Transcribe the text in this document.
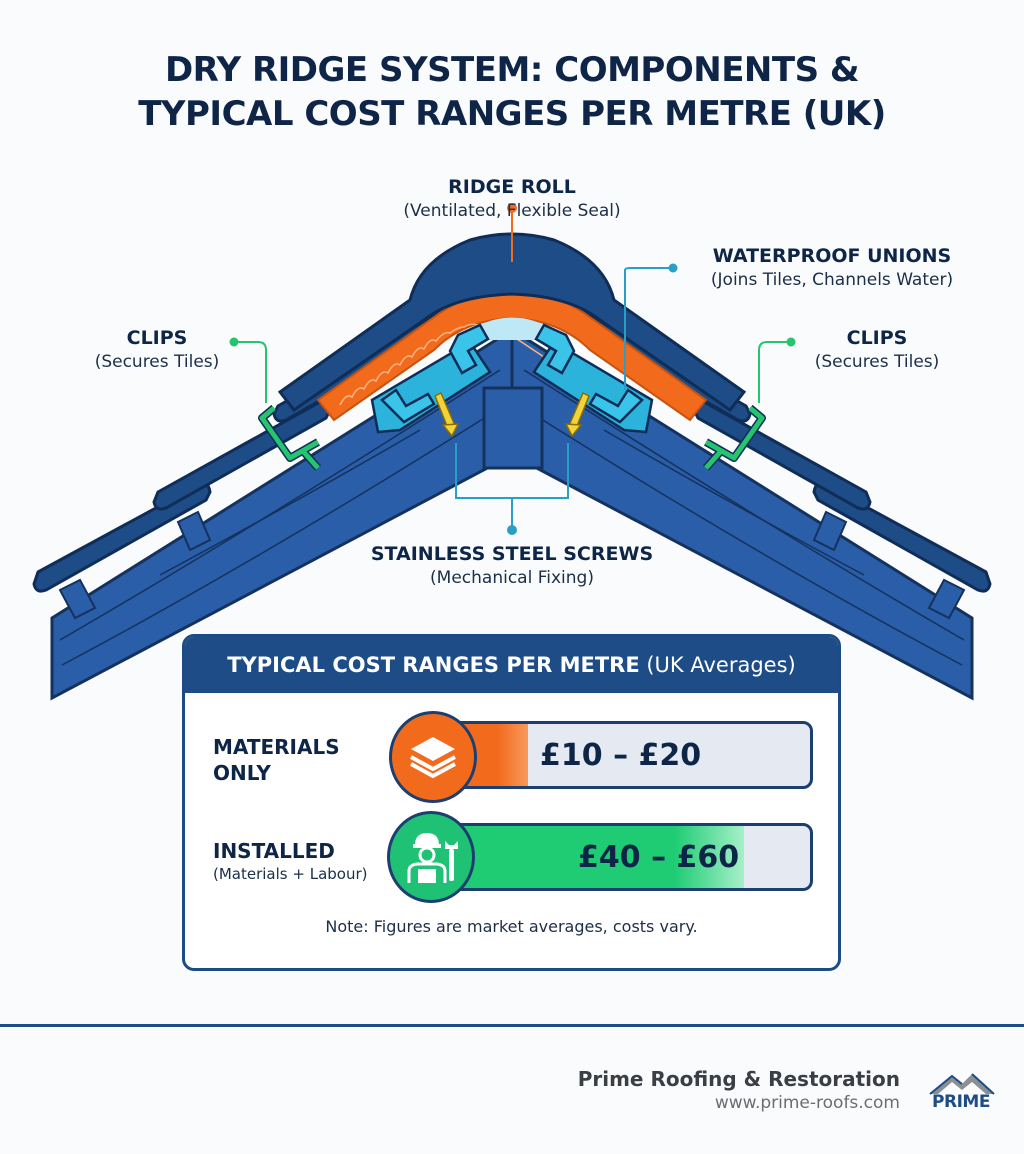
DRY RIDGE SYSTEM: COMPONENTS &
TYPICAL COST RANGES PER METRE (UK)
RIDGE ROLL
(Ventilated, Flexible Seal)
WATERPROOF UNIONS
(Joins Tiles, Channels Water)
CLIPS
(Secures Tiles)
CLIPS
(Secures Tiles)
STAINLESS STEEL SCREWS
(Mechanical Fixing)
TYPICAL COST RANGES PER METRE (UK Averages)
MATERIALS
ONLY
£10 – £20
INSTALLED
(Materials + Labour)	£40 – £60
Note: Figures are market averages, costs vary.
Prime Roofing & Restoration
www.prime-roofs.com	PRIME
